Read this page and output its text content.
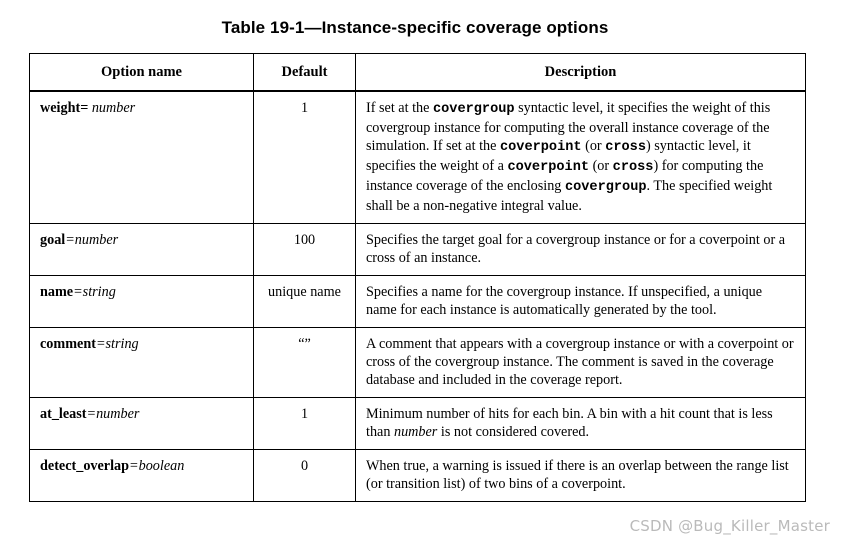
Table 19-1—Instance-specific coverage options
Option name	Default	Description
weight= number	1	If set at the covergroup syntactic level, it specifies the weight of this covergroup instance for computing the overall instance coverage of the simulation. If set at the coverpoint (or cross) syntactic level, it specifies the weight of a coverpoint (or cross) for computing the instance coverage of the enclosing covergroup. The specified weight shall be a non-negative integral value.
goal=number	100	Specifies the target goal for a covergroup instance or for a coverpoint or a cross of an instance.
name=string	unique name	Specifies a name for the covergroup instance. If unspecified, a unique name for each instance is automatically generated by the tool.
comment=string	“”	A comment that appears with a covergroup instance or with a coverpoint or cross of the covergroup instance. The comment is saved in the coverage database and included in the coverage report.
at_least=number	1	Minimum number of hits for each bin. A bin with a hit count that is less than number is not considered covered.
detect_overlap=boolean	0	When true, a warning is issued if there is an overlap between the range list (or transition list) of two bins of a coverpoint.
CSDN @Bug_Killer_Master
